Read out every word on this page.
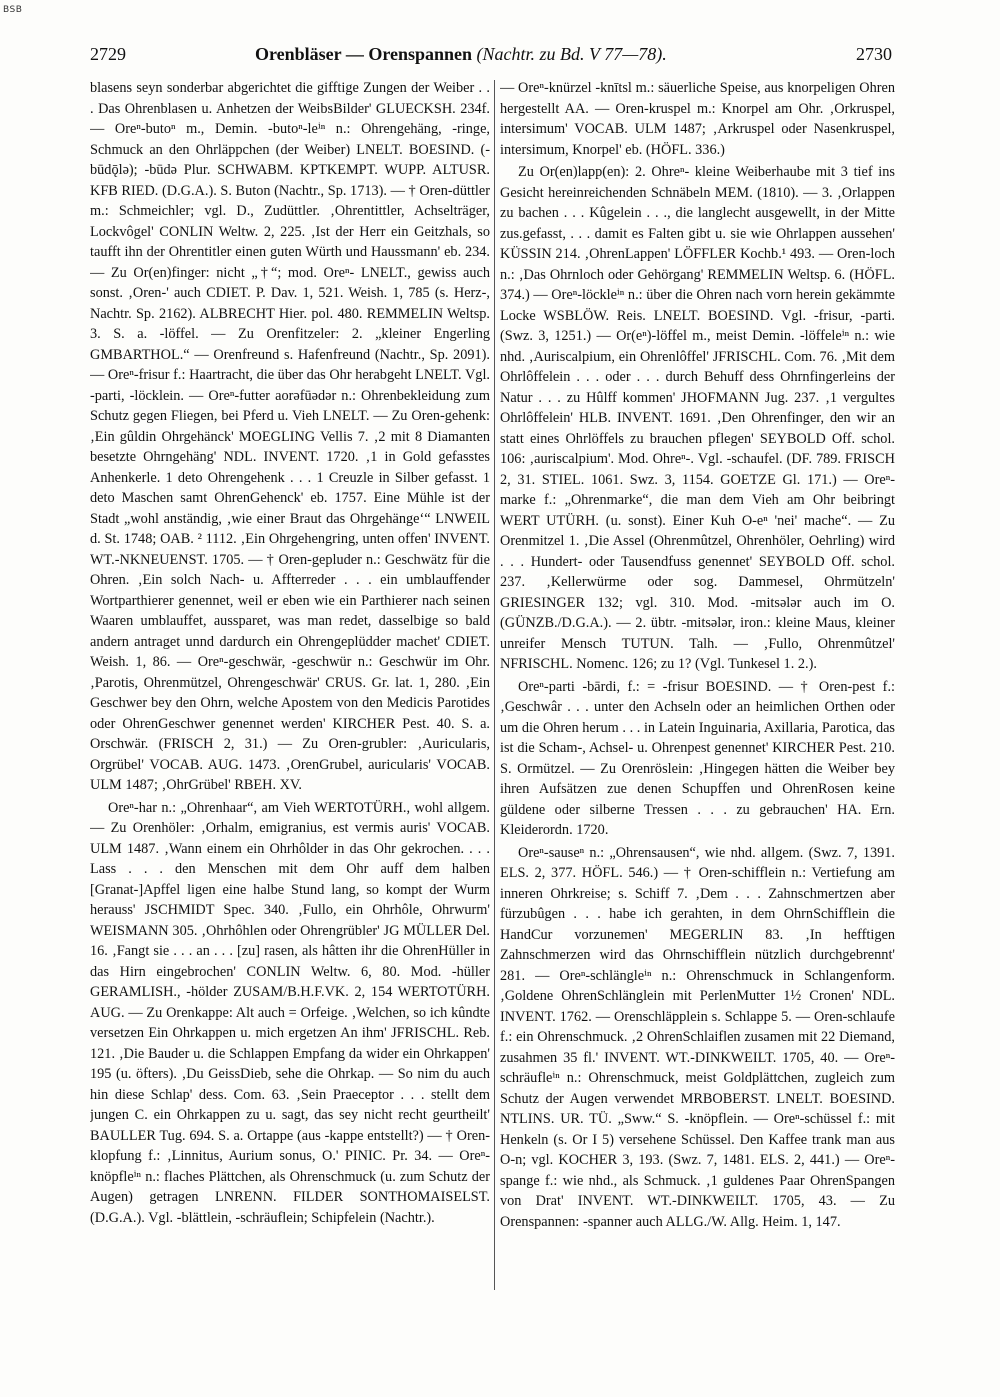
BSB
2729	Orenbläser — Orenspannen (Nachtr. zu Bd. V 77—78).	2730

blasens seyn sonderbar abgerichtet die gifftige Zungen der Weiber . . . Das Ohrenblasen u. Anhetzen der WeibsBilder' GLUECKSH. 234f. — Oreⁿ-butoⁿ m., Demin. -butoⁿ-leⁱⁿ n.: Ohrengehäng, -ringe, Schmuck an den Ohrläppchen (der Weiber) LNELT. BOESIND. (-būdǭlə); -būdə Plur. SCHWABM. KPTKEMPT. WUPP. ALTUSR. KFB RIED. (D.G.A.). S. Buton (Nachtr., Sp. 1713). — † Oren-düttler m.: Schmeichler; vgl. D., Zudüttler. ‚Ohrentittler, Achselträger, Lockvôgel' CONLIN Weltw. 2, 225. ‚Ist der Herr ein Geitzhals, so taufft ihn der Ohrentitler einen guten Würth und Haussmann' eb. 234. — Zu Or(en)finger: nicht „†“; mod. Oreⁿ- LNELT., gewiss auch sonst. ‚Oren-' auch CDIET. P. Dav. 1, 521. Weish. 1, 785 (s. Herz-, Nachtr. Sp. 2162). ALBRECHT Hier. pol. 480. REMMELIN Weltsp. 3. S. a. -löffel. — Zu Orenfitzeler: 2. „kleiner Engerling GMBARTHOL.“ — Orenfreund s. Hafenfreund (Nachtr., Sp. 2091). — Oreⁿ-frisur f.: Haartracht, die über das Ohr herabgeht LNELT. Vgl. -parti, -löcklein. — Oreⁿ-futter aorəfūədər n.: Ohrenbekleidung zum Schutz gegen Fliegen, bei Pferd u. Vieh LNELT. — Zu Oren-gehenk: ‚Ein gûldin Ohrgehänck' MOEGLING Vellis 7. ‚2 mit 8 Diamanten besetzte Ohrngehäng' NDL. INVENT. 1720. ‚1 in Gold gefasstes Anhenkerle. 1 deto Ohrengehenk . . . 1 Creuzle in Silber gefasst. 1 deto Maschen samt OhrenGehenck' eb. 1757. Eine Mühle ist der Stadt „wohl anständig, ‚wie einer Braut das Ohrgehänge‘“ LNWEIL d. St. 1748; OAB. ² 1112. ‚Ein Ohrgehengring, unten offen' INVENT. WT.-NKNEUENST. 1705. — † Oren-gepluder n.: Geschwätz für die Ohren. ‚Ein solch Nach- u. Affterreder . . . ein umblauffender Wortparthierer genennet, weil er eben wie ein Parthierer nach seinen Waaren umblauffet, aussparet, was man redet, dasselbige so bald andern antraget unnd dardurch ein Ohrengeplüdder machet' CDIET. Weish. 1, 86. — Oreⁿ-geschwär, -geschwür n.: Geschwür im Ohr. ‚Parotis, Ohrenmützel, Ohrengeschwär' CRUS. Gr. lat. 1, 280. ‚Ein Geschwer bey den Ohrn, welche Apostem von den Medicis Parotides oder OhrenGeschwer genennet werden' KIRCHER Pest. 40. S. a. Orschwär. (FRISCH 2, 31.) — Zu Oren-grubler: ‚Auricularis, Orgrübel' VOCAB. AUG. 1473. ‚OrenGrubel, auricularis' VOCAB. ULM 1487; ‚OhrGrübel' RBEH. XV.

Oreⁿ-har n.: „Ohrenhaar“, am Vieh WERTOTÜRH., wohl allgem. — Zu Orenhöler: ‚Orhalm, emigranius, est vermis auris' VOCAB. ULM 1487. ‚Wann einem ein Ohrhôlder in das Ohr gekrochen. . . . Lass . . . den Menschen mit dem Ohr auff dem halben [Granat-]Apffel ligen eine halbe Stund lang, so kompt der Wurm herauss' JSCHMIDT Spec. 340. ‚Fullo, ein Ohrhôle, Ohrwurm' WEISMANN 305. ‚Ohrhôhlen oder Ohrengrübler' JG MÜLLER Del. 16. ‚Fangt sie . . . an . . . [zu] rasen, als hâtten ihr die OhrenHüller in das Hirn eingebrochen' CONLIN Weltw. 6, 80. Mod. -hüller GERAMLISH., -hölder ZUSAM/B.H.F.VK. 2, 154 WERTOTÜRH. AUG. — Zu Orenkappe: Alt auch = Orfeige. ‚Welchen, so ich kûndte versetzen Ein Ohrkappen u. mich ergetzen An ihm' JFRISCHL. Reb. 121. ‚Die Bauder u. die Schlappen Empfang da wider ein Ohrkappen' 195 (u. öfters). ‚Du GeissDieb, sehe die Ohrkap. — So nim du auch hin diese Schlap' dess. Com. 63. ‚Sein Praeceptor . . . stellt dem jungen C. ein Ohrkappen zu u. sagt, das sey nicht recht geurtheilt' BAULLER Tug. 694. S. a. Ortappe (aus -kappe entstellt?) — † Oren-klopfung f.: ‚Linnitus, Aurium sonus, O.' PINIC. Pr. 34. — Oreⁿ-knöpfleⁱⁿ n.: flaches Plättchen, als Ohrenschmuck (u. zum Schutz der Augen) getragen LNRENN. FILDER SONTHOMAISELST. (D.G.A.). Vgl. -blättlein, -schräuflein; Schipfelein (Nachtr.).

— Oreⁿ-knürzel -knītsl m.: säuerliche Speise, aus knorpeligen Ohren hergestellt AA. — Oren-kruspel m.: Knorpel am Ohr. ‚Orkruspel, intersimum' VOCAB. ULM 1487; ‚Arkruspel oder Nasenkruspel, intersimum, Knorpel' eb. (HÖFL. 336.)

Zu Or(en)lapp(en): 2. Ohreⁿ- kleine Weiberhaube mit 3 tief ins Gesicht hereinreichenden Schnäbeln MEM. (1810). — 3. ‚Orlappen zu bachen . . . Kûgelein . . ., die langlecht ausgewellt, in der Mitte zus.gefasst, . . . damit es Falten gibt u. sie wie Ohrlappen aussehen' KÜSSIN 214. ‚OhrenLappen' LÖFFLER Kochb.¹ 493. — Oren-loch n.: ‚Das Ohrnloch oder Gehörgang' REMMELIN Weltsp. 6. (HÖFL. 374.) — Oreⁿ-löckleⁱⁿ n.: über die Ohren nach vorn herein gekämmte Locke WSBLÖW. Reis. LNELT. BOESIND. Vgl. -frisur, -parti. (Swz. 3, 1251.) — Or(eⁿ)-löffel m., meist Demin. -löffeleⁱⁿ n.: wie nhd. ‚Auriscalpium, ein Ohrenlôffel' JFRISCHL. Com. 76. ‚Mit dem Ohrlôffelein . . . oder . . . durch Behuff dess Ohrnfingerleins der Natur . . . zu Hûlff kommen' JHOFMANN Jug. 237. ‚1 vergultes Ohrlôffelein' HLB. INVENT. 1691. ‚Den Ohrenfinger, den wir an statt eines Ohrlöffels zu brauchen pflegen' SEYBOLD Off. schol. 106: ‚auriscalpium'. Mod. Ohreⁿ-. Vgl. -schaufel. (DF. 789. FRISCH 2, 31. STIEL. 1061. Swz. 3, 1154. GOETZE Gl. 171.) — Oreⁿ-marke f.: „Ohrenmarke“, die man dem Vieh am Ohr beibringt WERT UTÜRH. (u. sonst). Einer Kuh O-eⁿ 'nei' mache“. — Zu Orenmitzel 1. ‚Die Assel (Ohrenmûtzel, Ohrenhöler, Oehrling) wird . . . Hundert- oder Tausendfuss genennet' SEYBOLD Off. schol. 237. ‚Kellerwürme oder sog. Dammesel, Ohrmützeln' GRIESINGER 132; vgl. 310. Mod. -mitsələr auch im O. (GÜNZB./D.G.A.). — 2. übtr. -mitsələr, iron.: kleine Maus, kleiner unreifer Mensch TUTUN. Talh. — ‚Fullo, Ohrenmûtzel' NFRISCHL. Nomenc. 126; zu 1? (Vgl. Tunkesel 1. 2.).

Oreⁿ-parti -bārdi, f.: = -frisur BOESIND. — † Oren-pest f.: ‚Geschwâr . . . unter den Achseln oder an heimlichen Orthen oder um die Ohren herum . . . in Latein Inguinaria, Axillaria, Parotica, das ist die Scham-, Achsel- u. Ohrenpest genennet' KIRCHER Pest. 210. S. Ormützel. — Zu Orenröslein: ‚Hingegen hätten die Weiber bey ihren Aufsätzen zue denen Schupffen und OhrenRosen keine güldene oder silberne Tressen . . . zu gebrauchen' HA. Ern. Kleiderordn. 1720.

Oreⁿ-sauseⁿ n.: „Ohrensausen“, wie nhd. allgem. (Swz. 7, 1391. ELS. 2, 377. HÖFL. 546.) — † Oren-schifflein n.: Vertiefung am inneren Ohrkreise; s. Schiff 7. ‚Dem . . . Zahnschmertzen aber fürzubûgen . . . habe ich gerahten, in dem OhrnSchifflein die HandCur vorzunemen' MEGERLIN 83. ‚In hefftigen Zahnschmerzen wird das Ohrnschifflein nützlich durchgebrennt' 281. — Oreⁿ-schlängleⁱⁿ n.: Ohrenschmuck in Schlangenform. ‚Goldene OhrenSchlänglein mit PerlenMutter 1½ Cronen' NDL. INVENT. 1762. — Orenschläpplein s. Schlappe 5. — Oren-schlaufe f.: ein Ohrenschmuck. ‚2 OhrenSchlaiflen zusamen mit 22 Diemand, zusahmen 35 fl.' INVENT. WT.-DINKWEILT. 1705, 40. — Oreⁿ-schräufleⁱⁿ n.: Ohrenschmuck, meist Goldplättchen, zugleich zum Schutz der Augen verwendet MRBOBERST. LNELT. BOESIND. NTLINS. UR. TÜ. „Sww.“ S. -knöpflein. — Oreⁿ-schüssel f.: mit Henkeln (s. Or I 5) versehene Schüssel. Den Kaffee trank man aus O-n; vgl. KOCHER 3, 193. (Swz. 7, 1481. ELS. 2, 441.) — Oreⁿ-spange f.: wie nhd., als Schmuck. ‚1 guldenes Paar OhrenSpangen von Drat' INVENT. WT.-DINKWEILT. 1705, 43. — Zu Orenspannen: -spanner auch ALLG./W. Allg. Heim. 1, 147.
